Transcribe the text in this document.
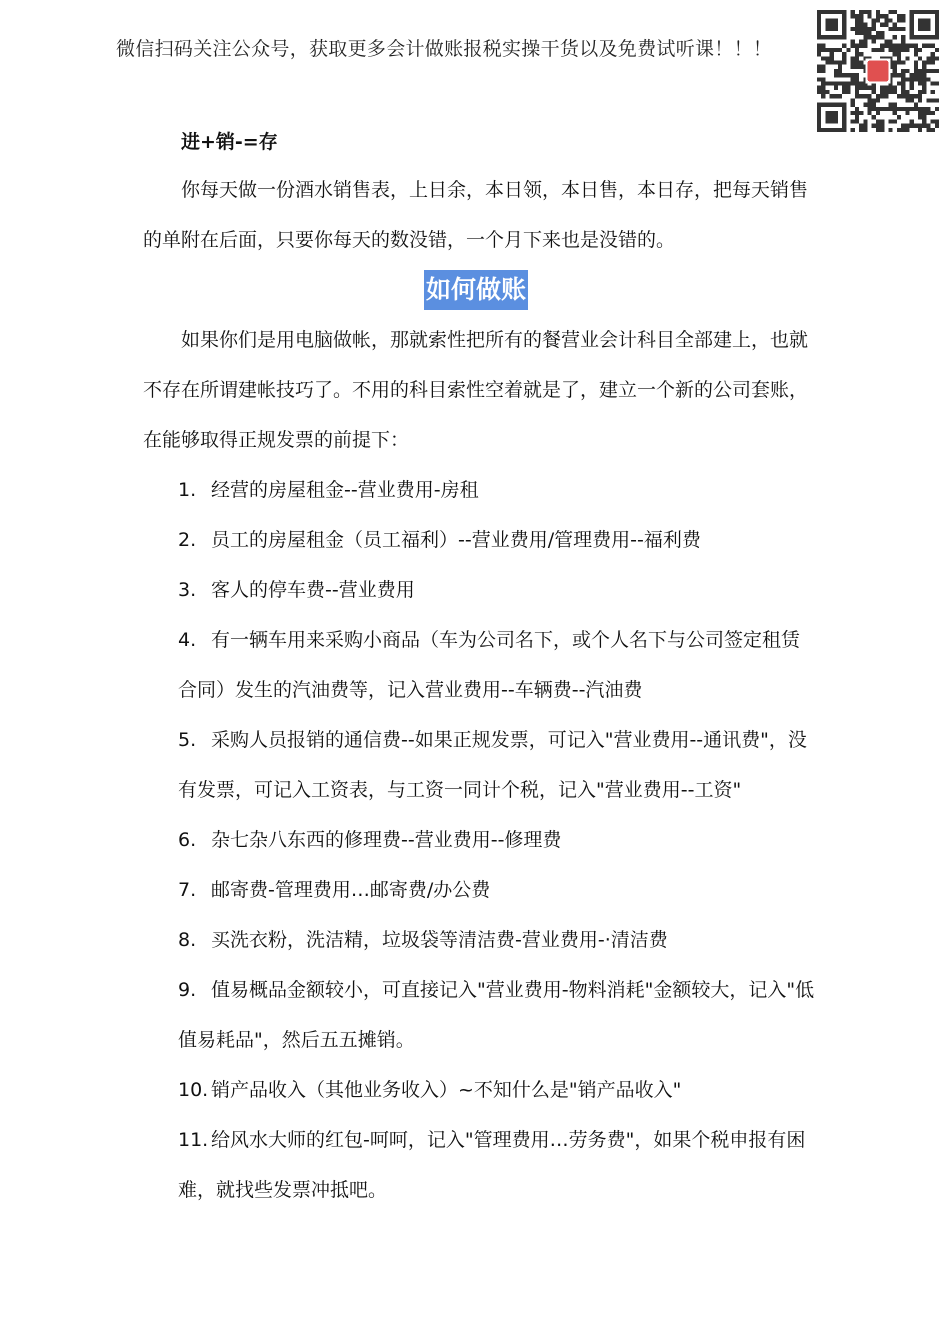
微信扫码关注公众号，获取更多会计做账报税实操干货以及免费试听课！！！
进+销-=存

你每天做一份酒水销售表，上日余，本日领，本日售，本日存，把每天销售的单附在后面，只要你每天的数没错，一个月下来也是没错的。

如何做账

如果你们是用电脑做帐，那就索性把所有的餐营业会计科目全部建上，也就不存在所谓建帐技巧了。不用的科目索性空着就是了，建立一个新的公司套账，在能够取得正规发票的前提下：

1. 经营的房屋租金--营业费用-房租
2. 员工的房屋租金（员工福利）--营业费用/管理费用--福利费
3. 客人的停车费--营业费用
4. 有一辆车用来采购小商品（车为公司名下，或个人名下与公司签定租赁合同）发生的汽油费等，记入营业费用--车辆费--汽油费
5. 采购人员报销的通信费--如果正规发票，可记入"营业费用--通讯费"，没有发票，可记入工资表，与工资一同计个税，记入"营业费用--工资"
6. 杂七杂八东西的修理费--营业费用--修理费
7. 邮寄费-管理费用…邮寄费/办公费
8. 买洗衣粉，洗洁精，垃圾袋等清洁费-营业费用-·清洁费
9. 值易概品金额较小，可直接记入"营业费用-物料消耗"金额较大，记入"低值易耗品"，然后五五摊销。
10. 销产品收入（其他业务收入）~不知什么是"销产品收入"
11. 给风水大师的红包-呵呵，记入"管理费用…劳务费"，如果个税申报有困难，就找些发票冲抵吧。
